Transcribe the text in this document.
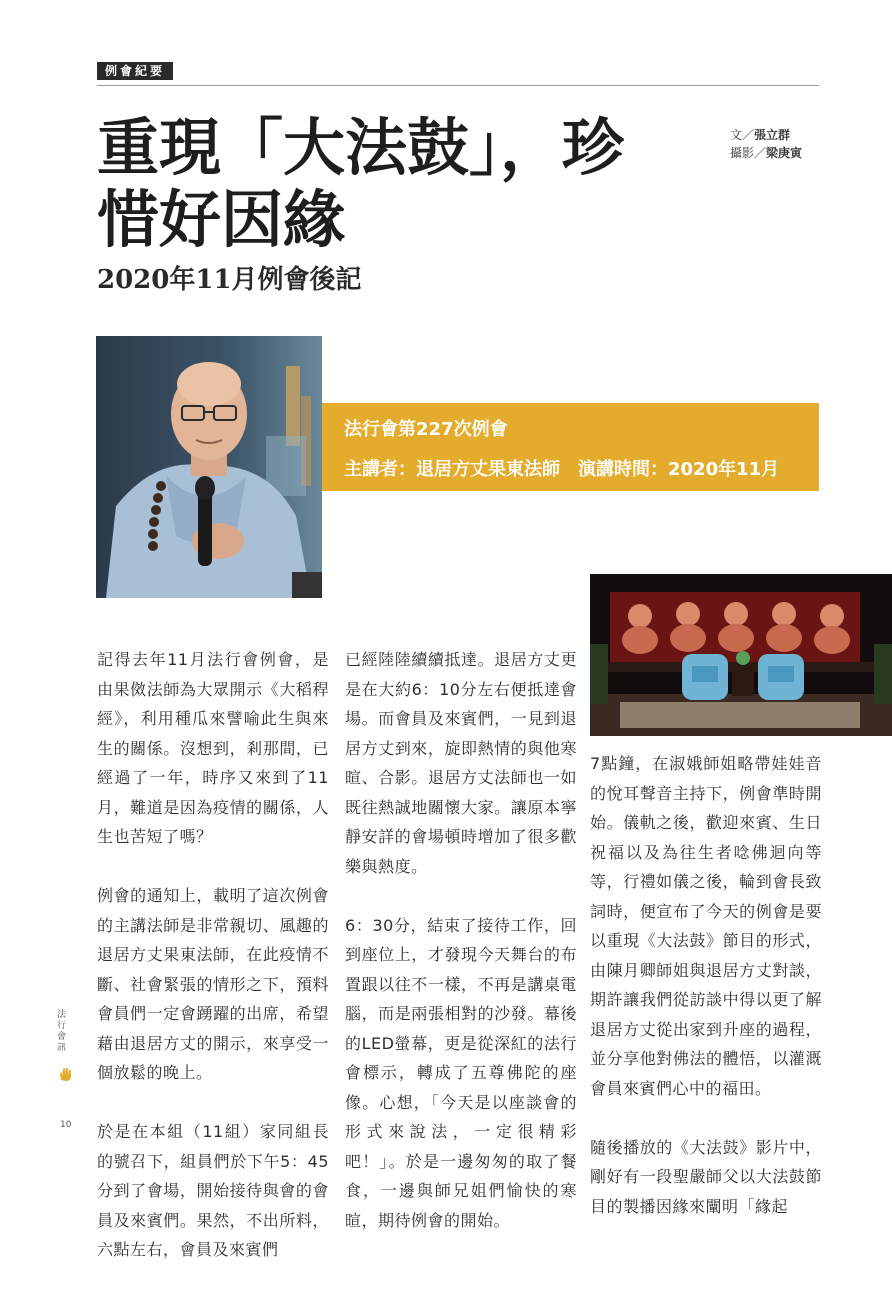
例會紀要
重現「大法鼓」，珍惜好因緣
2020年11月例會後記
文／張立群
攝影／梁庚寅
法行會第227次例會
主講者：退居方丈果東法師　演講時間：2020年11月
法行會訊
10

記得去年11月法行會例會，是由果傚法師為大眾開示《大稻稈經》，利用種瓜來譬喻此生與來生的關係。沒想到，剎那間，已經過了一年，時序又來到了11月，難道是因為疫情的關係，人生也苦短了嗎？

例會的通知上，載明了這次例會的主講法師是非常親切、風趣的退居方丈果東法師，在此疫情不斷、社會緊張的情形之下，預料會員們一定會踴躍的出席，希望藉由退居方丈的開示，來享受一個放鬆的晚上。

於是在本組（11組）家同組長的號召下，組員們於下午5：45分到了會場，開始接待與會的會員及來賓們。果然，不出所料，六點左右，會員及來賓們

已經陸陸續續抵達。退居方丈更是在大約6：10分左右便抵達會場。而會員及來賓們，一見到退居方丈到來，旋即熱情的與他寒暄、合影。退居方丈法師也一如既往熱誠地關懷大家。讓原本寧靜安詳的會場頓時增加了很多歡樂與熱度。

6：30分，結束了接待工作，回到座位上，才發現今天舞台的布置跟以往不一樣，不再是講桌電腦，而是兩張相對的沙發。幕後的LED螢幕，更是從深紅的法行會標示，轉成了五尊佛陀的座像。心想，「今天是以座談會的形式來說法，一定很精彩吧！」。於是一邊匆匆的取了餐食，一邊與師兄姐們愉快的寒暄，期待例會的開始。

7點鐘，在淑娥師姐略帶娃娃音的悅耳聲音主持下，例會準時開始。儀軌之後，歡迎來賓、生日祝福以及為往生者唸佛迴向等等，行禮如儀之後，輪到會長致詞時，便宣布了今天的例會是要以重現《大法鼓》節目的形式，由陳月卿師姐與退居方丈對談，期許讓我們從訪談中得以更了解退居方丈從出家到升座的過程，並分享他對佛法的體悟，以灌溉會員來賓們心中的福田。

隨後播放的《大法鼓》影片中，剛好有一段聖嚴師父以大法鼓節目的製播因緣來闡明「緣起
